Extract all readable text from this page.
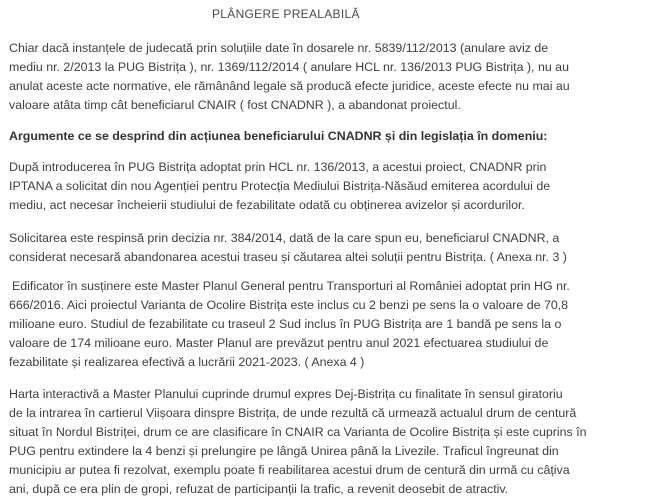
PLÂNGERE PREALABILĂ
Chiar dacă instanțele de judecată prin soluțiile date în dosarele nr. 5839/112/2013 (anulare aviz de
mediu nr. 2/2013 la PUG Bistrița ), nr. 1369/112/2014 ( anulare HCL nr. 136/2013 PUG Bistrița ), nu au
anulat aceste acte normative, ele rămânând legale să producă efecte juridice, aceste efecte nu mai au
valoare atâta timp cât beneficiarul CNAIR ( fost CNADNR ), a abandonat proiectul.
Argumente ce se desprind din acțiunea beneficiarului CNADNR și din legislația în domeniu:
După introducerea în PUG Bistrița adoptat prin HCL nr. 136/2013, a acestui proiect, CNADNR prin
IPTANA a solicitat din nou Agenției pentru Protecția Mediului Bistrița-Năsăud emiterea acordului de
mediu, act necesar încheierii studiului de fezabilitate odată cu obținerea avizelor și acordurilor.
Solicitarea este respinsă prin decizia nr. 384/2014, dată de la care spun eu, beneficiarul CNADNR, a
considerat necesară abandonarea acestui traseu și căutarea altei soluții pentru Bistrița. ( Anexa nr. 3 )
Edificator în susținere este Master Planul General pentru Transporturi al României adoptat prin HG nr.
666/2016. Aici proiectul Varianta de Ocolire Bistrița este inclus cu 2 benzi pe sens la o valoare de 70,8
milioane euro. Studiul de fezabilitate cu traseul 2 Sud inclus în PUG Bistrița are 1 bandă pe sens la o
valoare de 174 milioane euro. Master Planul are prevăzut pentru anul 2021 efectuarea studiului de
fezabilitate și realizarea efectivă a lucrării 2021-2023. ( Anexa 4 )
Harta interactivă a Master Planului cuprinde drumul expres Dej-Bistrița cu finalitate în sensul giratoriu
de la intrarea în cartierul Viișoara dinspre Bistrița, de unde rezultă că urmează actualul drum de centură
situat în Nordul Bistriței, drum ce are clasificare în CNAIR ca Varianta de Ocolire Bistrița și este cuprins în
PUG pentru extindere la 4 benzi și prelungire pe lângă Unirea până la Livezile. Traficul îngreunat din
municipiu ar putea fi rezolvat, exemplu poate fi reabilitarea acestui drum de centură din urmă cu câțiva
ani, după ce era plin de gropi, refuzat de participanții la trafic, a revenit deosebit de atractiv.
